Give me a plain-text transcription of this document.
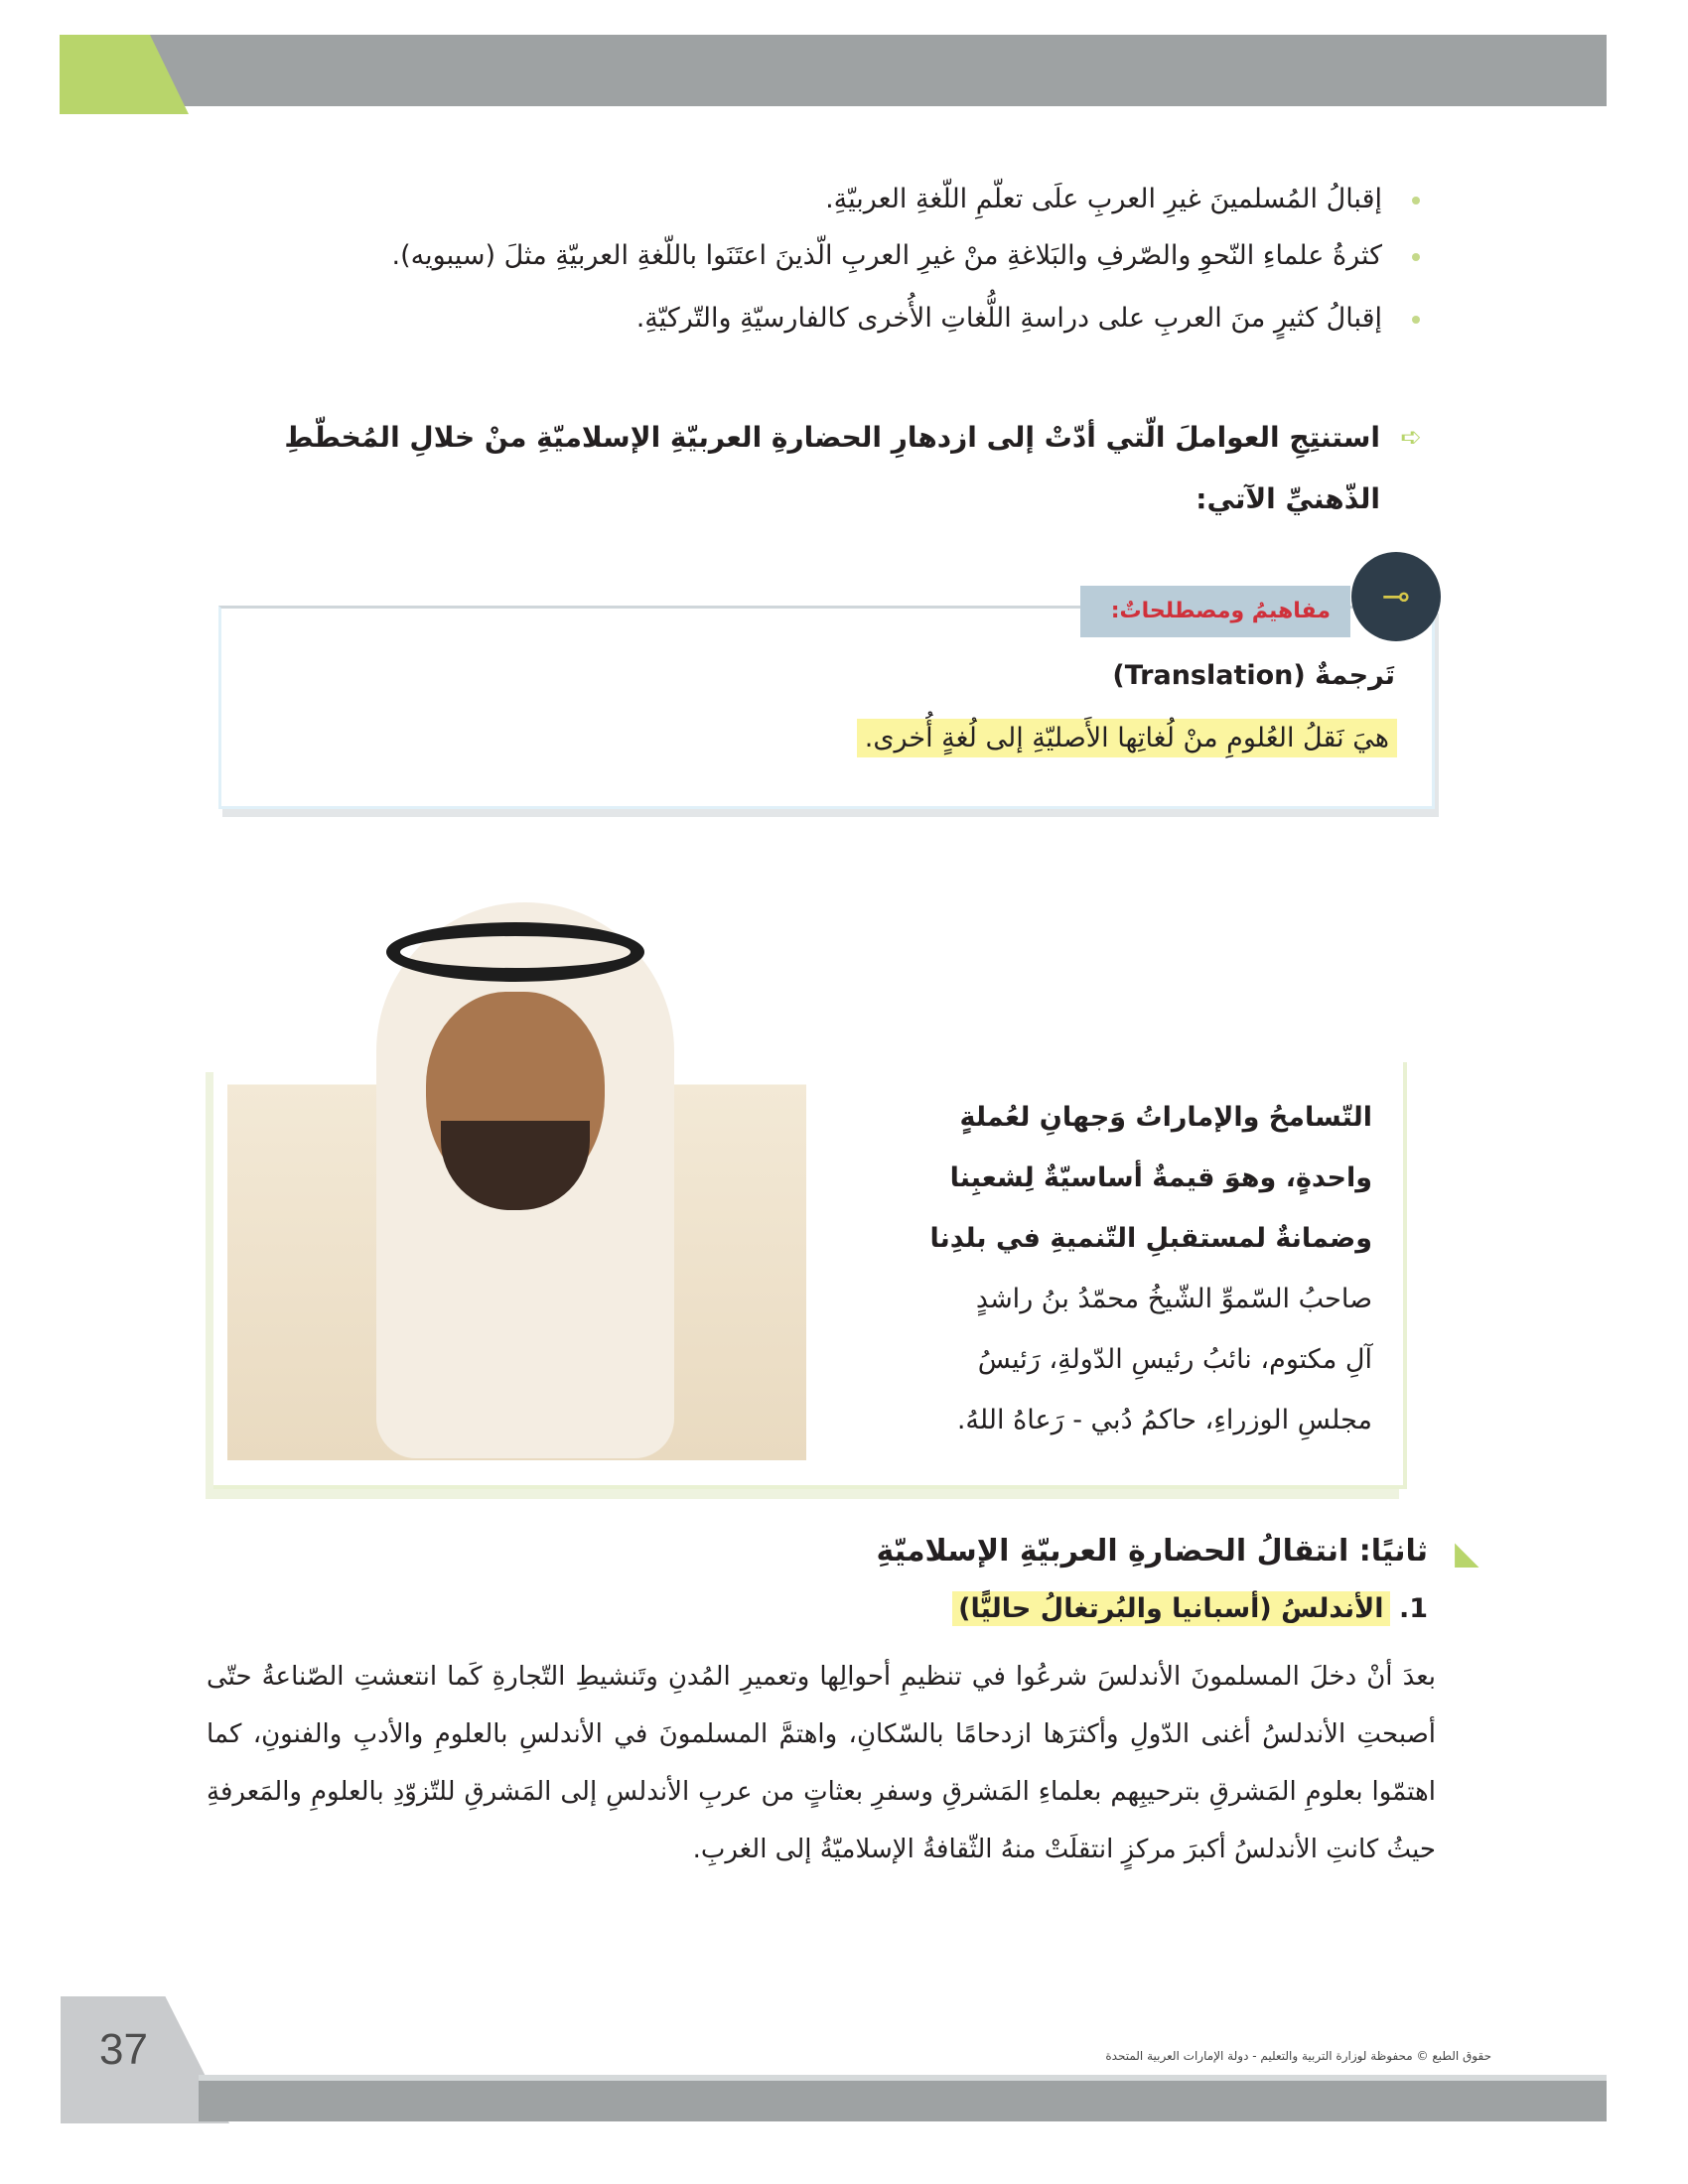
إقبالُ المُسلمينَ غيرِ العربِ علَى تعلّمِ اللّغةِ العربيّةِ.
كثرةُ علماءِ النّحوِ والصّرفِ والبَلاغةِ منْ غيرِ العربِ الّذينَ اعتَنَوا باللّغةِ العربيّةِ مثلَ (سيبويه).
إقبالُ كثيرٍ منَ العربِ على دراسةِ اللُّغاتِ الأُخرى كالفارسيّةِ والتّركيّةِ.
➪
استنتِجِ العواملَ الّتي أدّتْ إلى ازدهارِ الحضارةِ العربيّةِ الإسلاميّةِ منْ خلالِ المُخطّطِ الذّهنيِّ الآتي:
مفاهيمُ ومصطلحاتٌ:	⊸
تَرجمةٌ (Translation)
هيَ نَقلُ العُلومِ منْ لُغاتِها الأَصليّةِ إلى لُغةٍ أُخرى.
التّسامحُ والإماراتُ وَجهانِ لعُملةٍ
واحدةٍ، وهوَ قيمةٌ أساسيّةٌ لِشعبِنا
وضمانةٌ لمستقبلِ التّنميةِ في بلدِنا
صاحبُ السّموِّ الشّيخُ محمّدُ بنُ راشدٍ
آلِ مكتوم، نائبُ رئيسِ الدّولةِ، رَئيسُ
مجلسِ الوزراءِ، حاكمُ دُبي - رَعاهُ اللهُ.
◣
ثانيًا: انتقالُ الحضارةِ العربيّةِ الإسلاميّةِ
1. الأندلسُ (أسبانيا والبُرتغالُ حاليًّا)
بعدَ أنْ دخلَ المسلمونَ الأندلسَ شرعُوا في تنظيمِ أحوالِها وتعميرِ المُدنِ وتَنشيطِ التّجارةِ كَما انتعشتِ الصّناعةُ حتّى أصبحتِ الأندلسُ أغنى الدّولِ وأكثرَها ازدحامًا بالسّكانِ، واهتمَّ المسلمونَ في الأندلسِ بالعلومِ والأدبِ والفنونِ، كما اهتمّوا بعلومِ المَشرقِ بترحيبِهم بعلماءِ المَشرقِ وسفرِ بعثاتٍ من عربِ الأندلسِ إلى المَشرقِ للتّزوّدِ بالعلومِ والمَعرفةِ حيثُ كانتِ الأندلسُ أكبرَ مركزٍ انتقلَتْ منهُ الثّقافةُ الإسلاميّةُ إلى الغربِ.
37	حقوق الطبع © محفوظة لوزارة التربية والتعليم - دولة الإمارات العربية المتحدة
